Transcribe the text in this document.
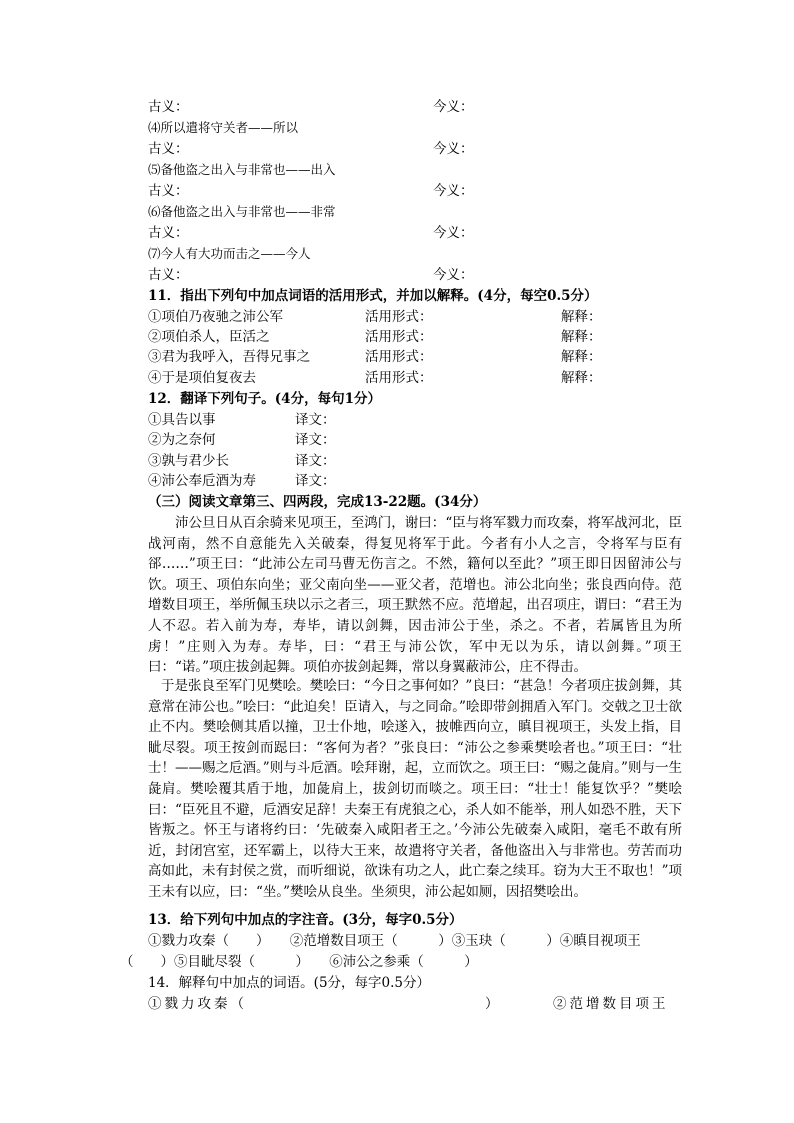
古义：	今义：
⑷所以遣将守关者——所以
古义：	今义：
⑸备他盗之出入与非常也——出入
古义：	今义：
⑹备他盗之出入与非常也——非常
古义：	今义：
⑺今人有大功而击之——今人
古义：	今义：
11．指出下列句中加点词语的活用形式，并加以解释。(4分，每空0.5分）
①项伯乃夜驰之沛公军	活用形式：	解释：
②项伯杀人，臣活之	活用形式：	解释：
③君为我呼入，吾得兄事之	活用形式：	解释：
④于是项伯复夜去	活用形式：	解释：
12．翻译下列句子。(4分，每句1分）
①具告以事	译文：
②为之奈何	译文：
③孰与君少长	译文：
④沛公奉卮酒为寿	译文：
（三）阅读文章第三、四两段，完成13-22题。(34分）

沛公旦日从百余骑来见项王，至鸿门，谢曰：“臣与将军戮力而攻秦，将军战河北，臣战河南，然不自意能先入关破秦，得复见将军于此。今者有小人之言，令将军与臣有郤……”项王曰：“此沛公左司马曹无伤言之。不然，籍何以至此？”项王即日因留沛公与饮。项王、项伯东向坐；亚父南向坐——亚父者，范增也。沛公北向坐；张良西向侍。范增数目项王，举所佩玉玦以示之者三，项王默然不应。范增起，出召项庄，谓曰：“君王为人不忍。若入前为寿，寿毕，请以剑舞，因击沛公于坐，杀之。不者，若属皆且为所虏！”庄则入为寿。寿毕，曰：“君王与沛公饮，军中无以为乐，请以剑舞。”项王曰：“诺。”项庄拔剑起舞。项伯亦拔剑起舞，常以身翼蔽沛公，庄不得击。

于是张良至军门见樊哙。樊哙曰：“今日之事何如？”良曰：“甚急！今者项庄拔剑舞，其意常在沛公也。”哙曰：“此迫矣！臣请入，与之同命。”哙即带剑拥盾入军门。交戟之卫士欲止不内。樊哙侧其盾以撞，卫士仆地，哙遂入，披帷西向立，瞋目视项王，头发上指，目眦尽裂。项王按剑而跽曰：“客何为者？”张良曰：“沛公之参乘樊哙者也。”项王曰：“壮士！——赐之卮酒。”则与斗卮酒。哙拜谢，起，立而饮之。项王曰：“赐之彘肩。”则与一生彘肩。樊哙覆其盾于地，加彘肩上，拔剑切而啖之。项王曰：“壮士！能复饮乎？”樊哙曰：“臣死且不避，卮酒安足辞！夫秦王有虎狼之心，杀人如不能举，刑人如恐不胜，天下皆叛之。怀王与诸将约曰：‘先破秦入咸阳者王之。’今沛公先破秦入咸阳，毫毛不敢有所近，封闭宫室，还军霸上，以待大王来，故遣将守关者，备他盗出入与非常也。劳苦而功高如此，未有封侯之赏，而听细说，欲诛有功之人，此亡秦之续耳。窃为大王不取也！”项王未有以应，曰：“坐。”樊哙从良坐。坐须臾，沛公起如厕，因招樊哙出。

13．给下列句中加点的字注音。(3分，每字0.5分）
①戮力攻秦（　　）　　②范增数目项王（　　　）③玉玦（　　　）④瞋目视项王
（　　）⑤目眦尽裂（　　　）　　⑥沛公之参乘（　　　）
14．解释句中加点的词语。(5分，每字0.5分）
①戮力攻秦（	）	②范增数目项王
